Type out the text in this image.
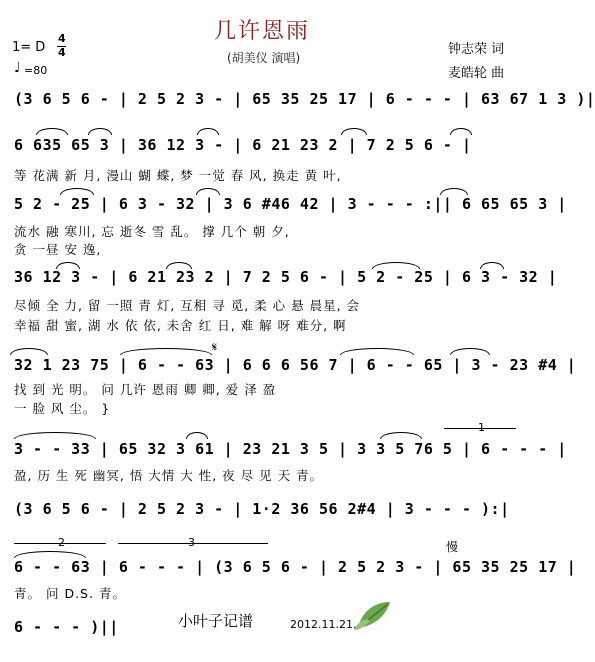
1= D
4
4
♩ =80
几许恩雨
(胡美仪 演唱)
钟志荣 词
麦皓轮 曲
(3 6 5 6 - | 2 5 2 3 - | 65 35 25 17 | 6 - - - | 63 67 1 3 )|
6 635 65 3 | 36 12 3 - | 6 21 23 2 | 7 2 5 6 - |
等 花满 新 月, 漫山 蝴 蝶, 梦 一觉 春 风, 换走 黄 叶,
5 2 - 25 | 6 3 - 32 | 3 6 #46 42 | 3 - - - :|| 6 65 65 3 |
流水 融 寒川, 忘 逝冬 雪 乱。 撑 几个 朝 夕,
贪 一昼 安 逸,
36 12 3 - | 6 21 23 2 | 7 2 5 6 - | 5 2 - 25 | 6 3 - 32 |
尽倾 全 力, 留 一照 青 灯, 互相 寻 觅, 柔 心 悬 晨星, 会
幸福 甜 蜜, 湖 水 依 依, 未舍 红 日, 难 解 呀 难分, 啊
𝄋
32 1 23 75 | 6 - - 63 | 6 6 6 56 7 | 6 - - 65 | 3 - 23 #4 |
找 到 光 明。 问 几许 恩雨 卿 卿, 爱 泽 盈
一 脸 风 尘。 }
1
3 - - 33 | 65 32 3 61 | 23 21 3 5 | 3 3 5 76 5 | 6 - - - |
盈, 历 生 死 幽冥, 悟 大情 大 性, 夜 尽 见 天 青。
(3 6 5 6 - | 2 5 2 3 - | 1·2 36 56 2#4 | 3 - - - ):|
2	3	慢
6 - - 63 | 6 - - - | (3 6 5 6 - | 2 5 2 3 - | 65 35 25 17 |
青。 问 D.S. 青。
6 - - - )||	小叶子记谱	2012.11.21.
